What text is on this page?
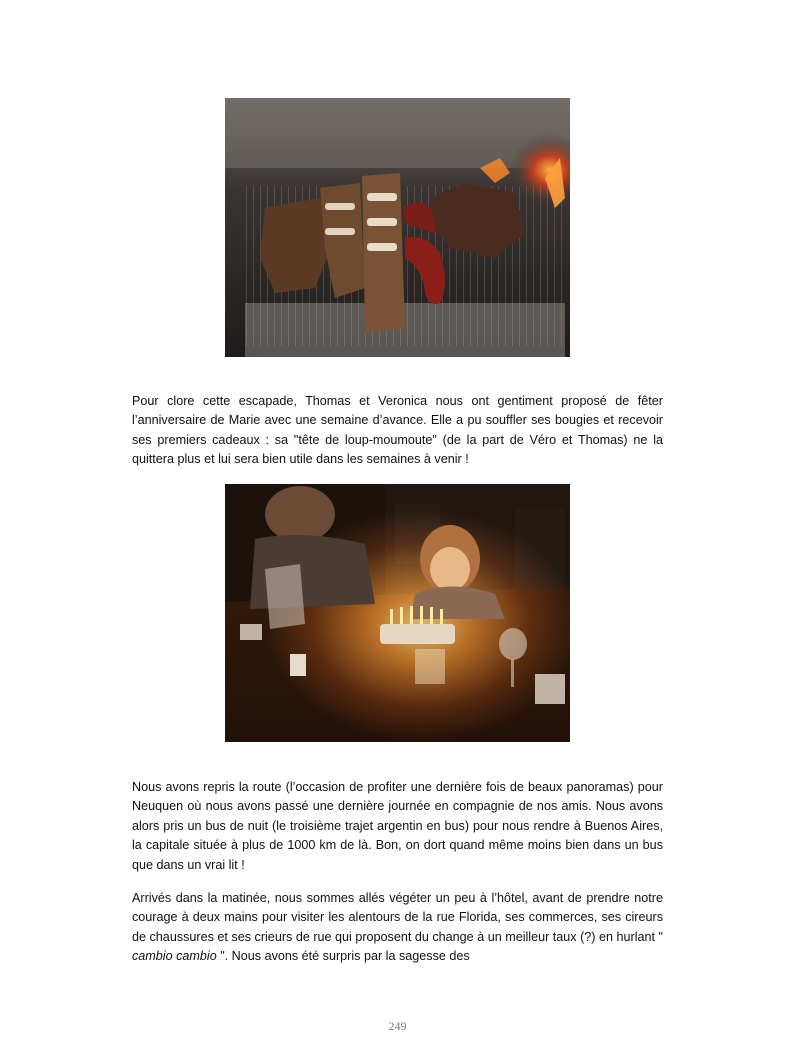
Pour clore cette escapade, Thomas et Veronica nous ont gentiment proposé de fêter l’anniversaire de Marie avec une semaine d’avance. Elle a pu souffler ses bougies et recevoir ses premiers cadeaux : sa "tête de loup-moumoute" (de la part de Véro et Thomas) ne la quittera plus et lui sera bien utile dans les semaines à venir !

Nous avons repris la route (l’occasion de profiter une dernière fois de beaux panoramas) pour Neuquen où nous avons passé une dernière journée en compagnie de nos amis. Nous avons alors pris un bus de nuit (le troisième trajet argentin en bus) pour nous rendre à Buenos Aires, la capitale située à plus de 1000 km de là. Bon, on dort quand même moins bien dans un bus que dans un vrai lit !

Arrivés dans la matinée, nous sommes allés végéter un peu à l’hôtel, avant de prendre notre courage à deux mains pour visiter les alentours de la rue Florida, ses commerces, ses cireurs de chaussures et ses crieurs de rue qui proposent du change à un meilleur taux (?) en hurlant " cambio cambio ". Nous avons été surpris par la sagesse des

249
